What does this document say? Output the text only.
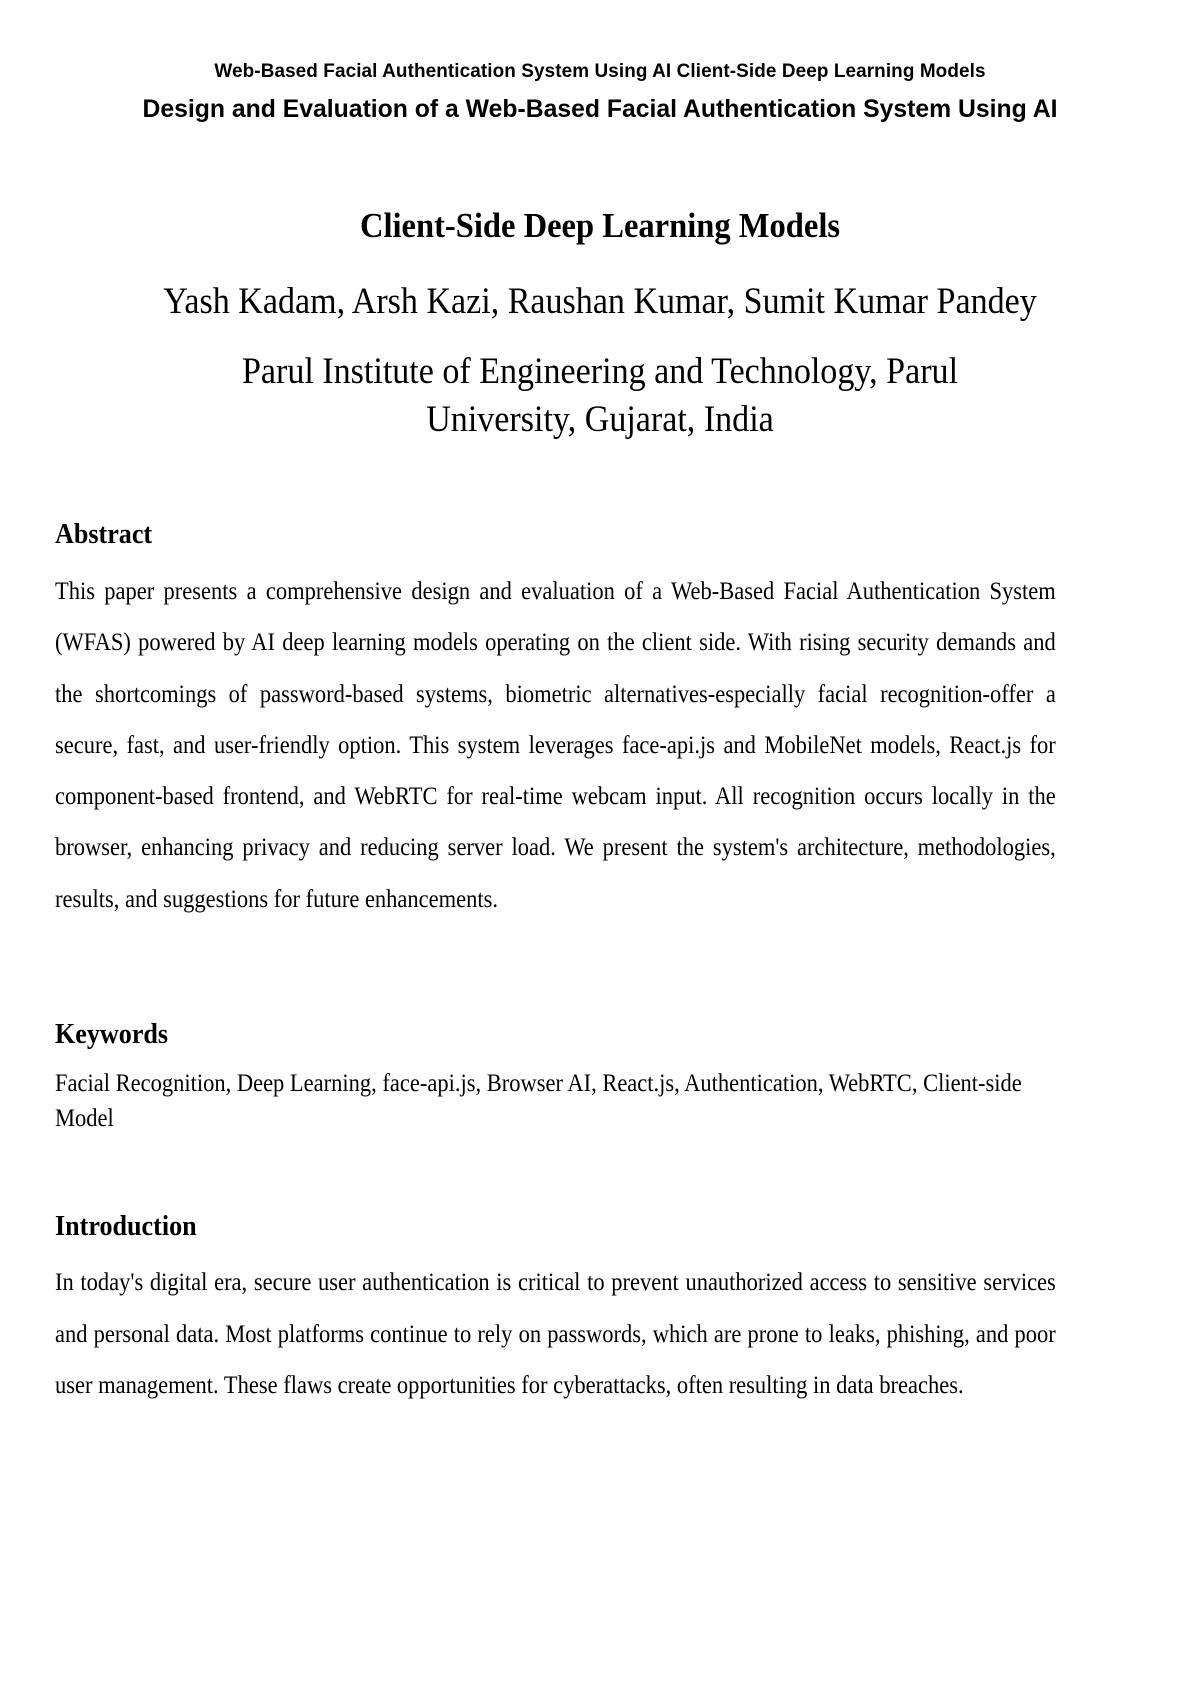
Web-Based Facial Authentication System Using AI Client-Side Deep Learning Models
Design and Evaluation of a Web-Based Facial Authentication System Using AI
Client-Side Deep Learning Models
Yash Kadam, Arsh Kazi, Raushan Kumar, Sumit Kumar Pandey
Parul Institute of Engineering and Technology, Parul University, Gujarat, India
Abstract

This paper presents a comprehensive design and evaluation of a Web-Based Facial Authentication System (WFAS) powered by AI deep learning models operating on the client side. With rising security demands and the shortcomings of password-based systems, biometric alternatives-especially facial recognition-offer a secure, fast, and user-friendly option. This system leverages face-api.js and MobileNet models, React.js for component-based frontend, and WebRTC for real-time webcam input. All recognition occurs locally in the browser, enhancing privacy and reducing server load. We present the system's architecture, methodologies, results, and suggestions for future enhancements.

Keywords

Facial Recognition, Deep Learning, face-api.js, Browser AI, React.js, Authentication, WebRTC, Client-side Model

Introduction

In today's digital era, secure user authentication is critical to prevent unauthorized access to sensitive services and personal data. Most platforms continue to rely on passwords, which are prone to leaks, phishing, and poor user management. These flaws create opportunities for cyberattacks, often resulting in data breaches.
